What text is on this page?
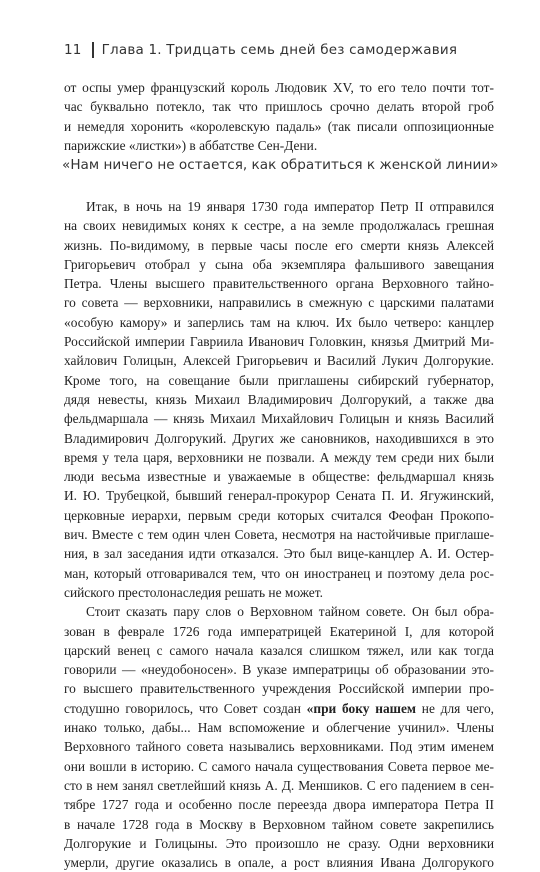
11 Глава 1. Тридцать семь дней без самодержавия
от оспы умер французский король Людовик XV, то его тело почти тот-
час буквально потекло, так что пришлось срочно делать второй гроб
и немедля хоронить «королевскую падаль» (так писали оппозиционные
парижские «листки») в аббатстве Сен-Дени.
«Нам ничего не остается, как обратиться к женской линии»
Итак, в ночь на 19 января 1730 года император Петр II отправился
на своих невидимых конях к сестре, а на земле продолжалась грешная
жизнь. По-видимому, в первые часы после его смерти князь Алексей
Григорьевич отобрал у сына оба экземпляра фальшивого завещания
Петра. Члены высшего правительственного органа Верховного тайно-
го совета — верховники, направились в смежную с царскими палатами
«особую камору» и заперлись там на ключ. Их было четверо: канцлер
Российской империи Гавриила Иванович Головкин, князья Дмитрий Ми-
хайлович Голицын, Алексей Григорьевич и Василий Лукич Долгорукие.
Кроме того, на совещание были приглашены сибирский губернатор,
дядя невесты, князь Михаил Владимирович Долгорукий, а также два
фельдмаршала — князь Михаил Михайлович Голицын и князь Василий
Владимирович Долгорукий. Других же сановников, находившихся в это
время у тела царя, верховники не позвали. А между тем среди них были
люди весьма известные и уважаемые в обществе: фельдмаршал князь
И. Ю. Трубецкой, бывший генерал-прокурор Сената П. И. Ягужинский,
церковные иерархи, первым среди которых считался Феофан Прокопо-
вич. Вместе с тем один член Совета, несмотря на настойчивые приглаше-
ния, в зал заседания идти отказался. Это был вице-канцлер А. И. Остер-
ман, который отговаривался тем, что он иностранец и поэтому дела рос-
сийского престолонаследия решать не может.
Стоит сказать пару слов о Верховном тайном совете. Он был обра-
зован в феврале 1726 года императрицей Екатериной I, для которой
царский венец с самого начала казался слишком тяжел, или как тогда
говорили — «неудобоносен». В указе императрицы об образовании это-
го высшего правительственного учреждения Российской империи про-
стодушно говорилось, что Совет создан «при боку нашем не для чего,
инако только, дабы... Нам вспоможение и облегчение учинил». Члены
Верховного тайного совета назывались верховниками. Под этим именем
они вошли в историю. С самого начала существования Совета первое ме-
сто в нем занял светлейший князь А. Д. Меншиков. С его падением в сен-
тябре 1727 года и особенно после переезда двора императора Петра II
в начале 1728 года в Москву в Верховном тайном совете закрепились
Долгорукие и Голицыны. Это произошло не сразу. Одни верховники
умерли, другие оказались в опале, а рост влияния Ивана Долгорукого
